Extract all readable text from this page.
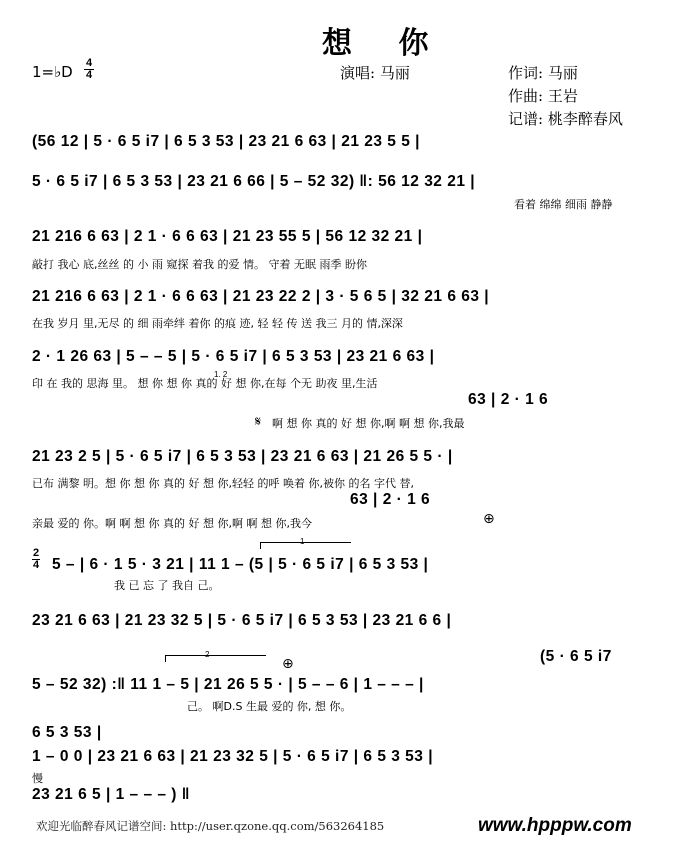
想 你
1=♭D 4
4	演唱: 马丽	作词: 马丽
作曲: 王岩
记谱: 桃李醉春风
(56 12 | 5 · 6 5 i7 | 6 5 3 53 | 23 21 6 63 | 21 23 5 5 |
5 · 6 5 i7 | 6 5 3 53 | 23 21 6 66 | 5 – 52 32) ‖: 56 12 32 21 |
看着 绵绵 细雨 静静
21 216 6 63 | 2 1 · 6 6 63 | 21 23 55 5 | 56 12 32 21 |
敲打 我心 底,丝丝 的 小 雨 窥探 着我 的爱 情。 守着 无眠 雨季 盼你
21 216 6 63 | 2 1 · 6 6 63 | 21 23 22 2 | 3 · 5 6 5 | 32 21 6 63 |
在我 岁月 里,无尽 的 细 雨牵绊 着你 的痕 迹, 轻 轻 传 送 我三 月的 情,深深
2 · 1 26 63 | 5 – – 5 | 5 · 6 5 i7 | 6 5 3 53 | 23 21 6 63 |
1. 2
印 在 我的 思海 里。 想 你 想 你 真的 好 想 你,在每 个无 助夜 里,生活
63 | 2 · 1 6
𝄋 啊 想 你 真的 好 想 你,啊 啊 想 你,我最
21 23 2 5 | 5 · 6 5 i7 | 6 5 3 53 | 23 21 6 63 | 21 26 5 5 · |
已布 满黎 明。想 你 想 你 真的 好 想 你,轻轻 的呼 唤着 你,被你 的名 字代 替,
63 | 2 · 1 6
亲最 爱的 你。啊 啊 想 你 真的 好 想 你,啊 啊 想 你,我今	⊕
2
4
1
5 – | 6 · 1 5 · 3 21 | 11 1 – (5 | 5 · 6 5 i7 | 6 5 3 53 |
我 已 忘 了 我自 己。
23 21 6 63 | 21 23 32 5 | 5 · 6 5 i7 | 6 5 3 53 | 23 21 6 6 |
(5 · 6 5 i7
2
5 – 52 32) :‖ 11 1 – 5 | 21 26 5 5 · | 5 – – 6 | 1 – – – |
⊕
己。 啊D.S 生最 爱的 你, 想 你。
6 5 3 53 |
1 – 0 0 | 23 21 6 63 | 21 23 32 5 | 5 · 6 5 i7 | 6 5 3 53 |
慢
23 21 6 5 | 1 – – – ) ‖
欢迎光临醉春风记谱空间: http://user.qzone.qq.com/563264185	www.hpppw.com
